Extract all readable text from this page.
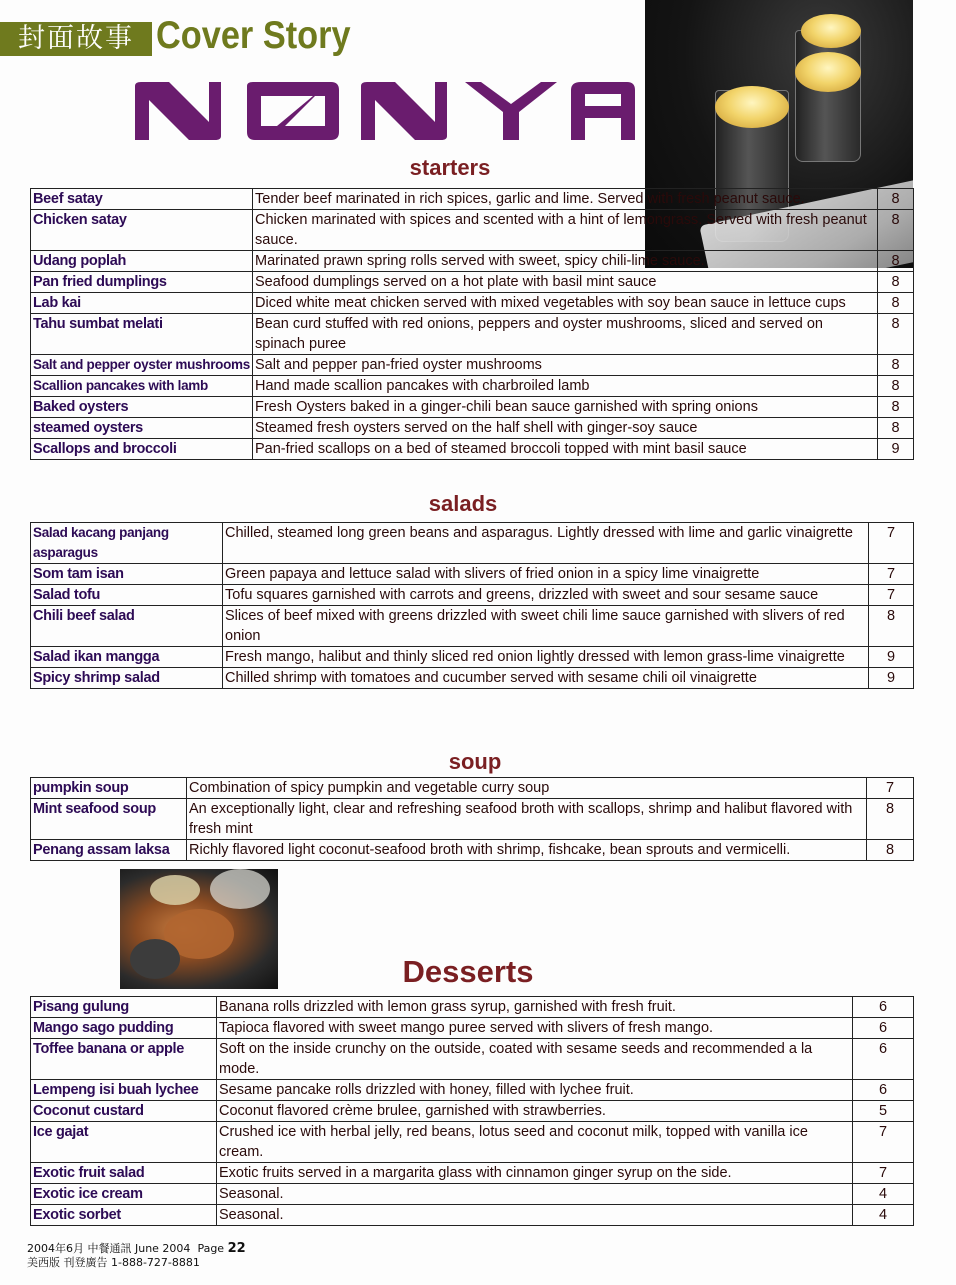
封面故事 Cover Story
starters
Beef satay	Tender beef marinated in rich spices, garlic and lime. Served with fresh peanut sauce.	8
Chicken satay	Chicken marinated with spices and scented with a hint of lemongrass. Served with fresh peanut sauce.	8
Udang poplah	Marinated prawn spring rolls served with sweet, spicy chili-lime sauce.	8
Pan fried dumplings	Seafood dumplings served on a hot plate with basil mint sauce	8
Lab kai	Diced white meat chicken served with mixed vegetables with soy bean sauce in lettuce cups	8
Tahu sumbat melati	Bean curd stuffed with red onions, peppers and oyster mushrooms, sliced and served on spinach puree	8
Salt and pepper oyster mushrooms	Salt and pepper pan-fried oyster mushrooms	8
Scallion pancakes with lamb	Hand made scallion pancakes with charbroiled lamb	8
Baked oysters	Fresh Oysters baked in a ginger-chili bean sauce garnished with spring onions	8
steamed oysters	Steamed fresh oysters served on the half shell with ginger-soy sauce	8
Scallops and broccoli	Pan-fried scallops on a bed of steamed broccoli topped with mint basil sauce	9
salads
Salad kacang panjang asparagus	Chilled, steamed long green beans and asparagus. Lightly dressed with lime and garlic vinaigrette	7
Som tam isan	Green papaya and lettuce salad with slivers of fried onion in a spicy lime vinaigrette	7
Salad tofu	Tofu squares garnished with carrots and greens, drizzled with sweet and sour sesame sauce	7
Chili beef salad	Slices of beef mixed with greens drizzled with sweet chili lime sauce garnished with slivers of red onion	8
Salad ikan mangga	Fresh mango, halibut and thinly sliced red onion lightly dressed with lemon grass-lime vinaigrette	9
Spicy shrimp salad	Chilled shrimp with tomatoes and cucumber served with sesame chili oil vinaigrette	9
soup
pumpkin soup	Combination of spicy pumpkin and vegetable curry soup	7
Mint seafood soup	An exceptionally light, clear and refreshing seafood broth with scallops, shrimp and halibut flavored with fresh mint	8
Penang assam laksa	Richly flavored light coconut-seafood broth with shrimp, fishcake, bean sprouts and vermicelli.	8
Desserts
Pisang gulung	Banana rolls drizzled with lemon grass syrup, garnished with fresh fruit.	6
Mango sago pudding	Tapioca flavored with sweet mango puree served with slivers of fresh mango.	6
Toffee banana or apple	Soft on the inside crunchy on the outside, coated with sesame seeds and recommended a la mode.	6
Lempeng isi buah lychee	Sesame pancake rolls drizzled with honey, filled with lychee fruit.	6
Coconut custard	Coconut flavored crème brulee, garnished with strawberries.	5
Ice gajat	Crushed ice with herbal jelly, red beans, lotus seed and coconut milk, topped with vanilla ice cream.	7
Exotic fruit salad	Exotic fruits served in a margarita glass with cinnamon ginger syrup on the side.	7
Exotic ice cream	Seasonal.	4
Exotic sorbet	Seasonal.	4
2004年6月 中餐通訊 June 2004 Page 22
美西版 刊登廣告 1-888-727-8881
